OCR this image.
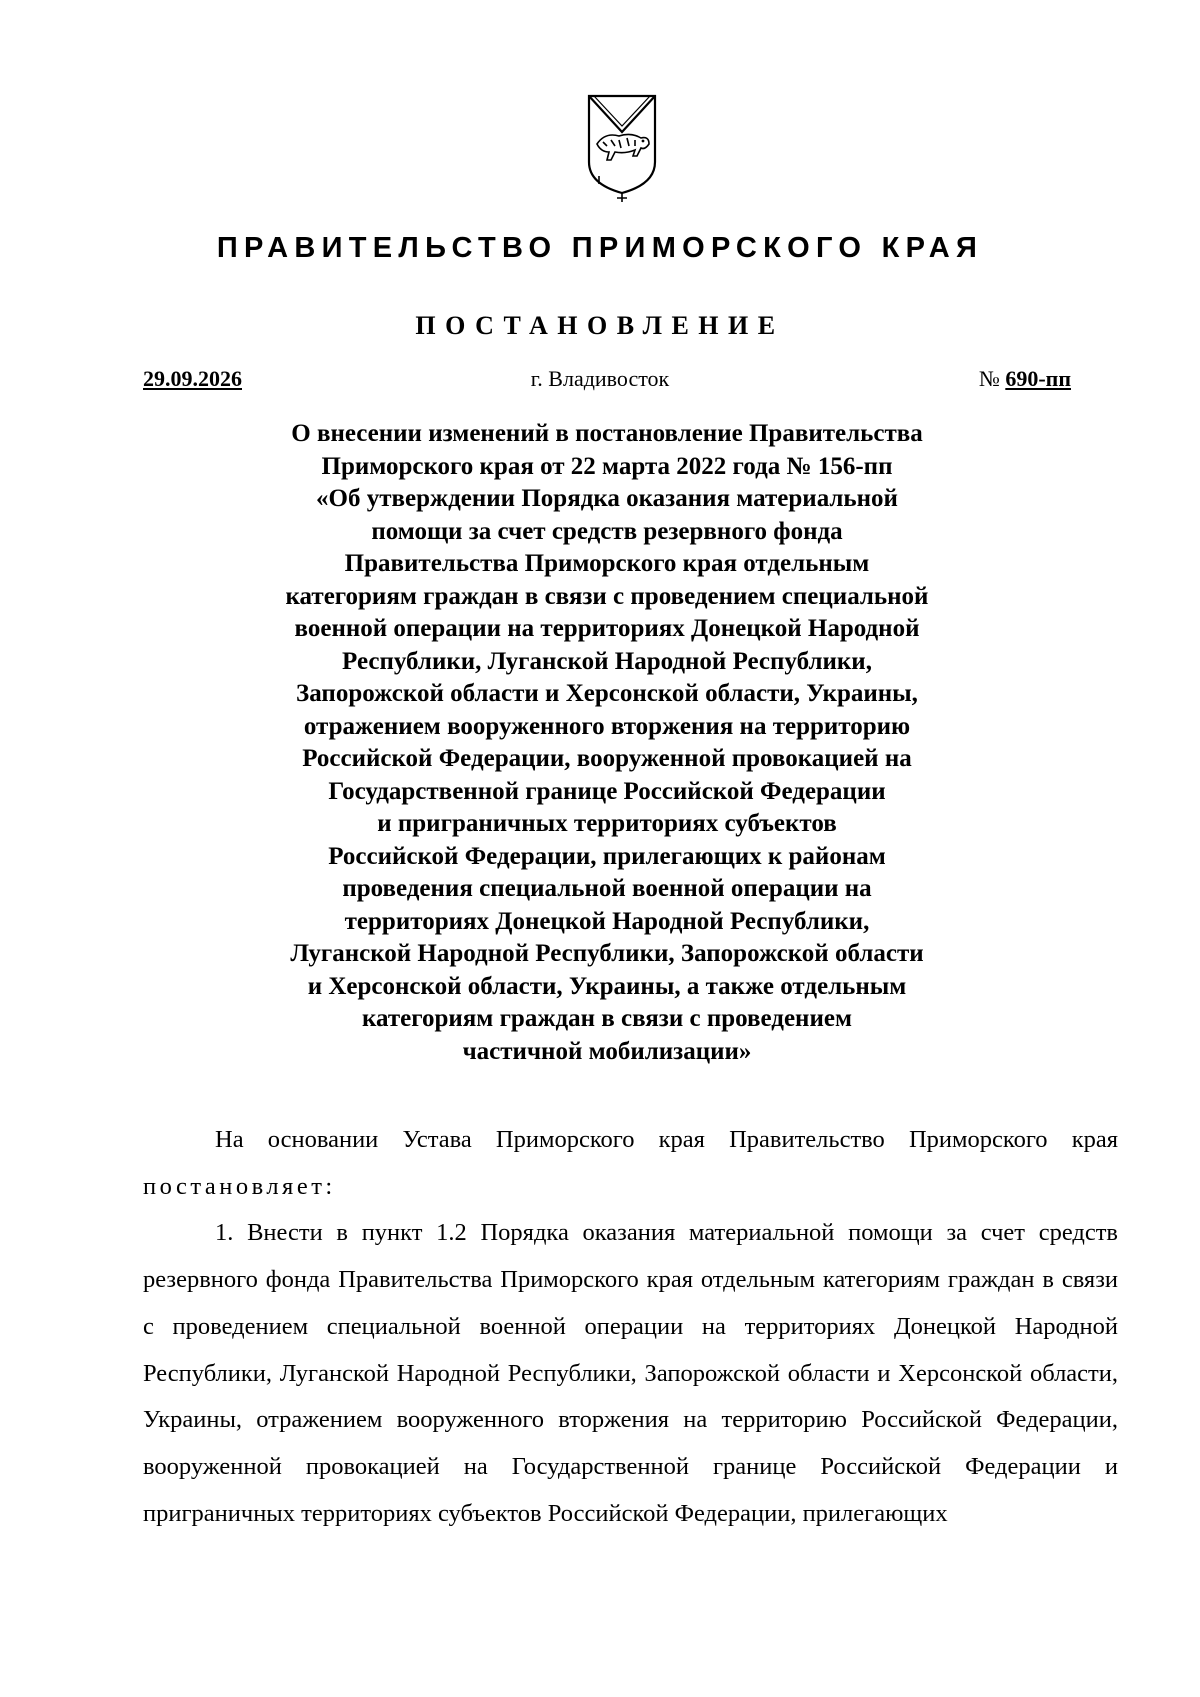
ПРАВИТЕЛЬСТВО ПРИМОРСКОГО КРАЯ
ПОСТАНОВЛЕНИЕ
г. Владивосток
29.09.2026	№ 690-пп
О внесении изменений в постановление Правительства
Приморского края от 22 марта 2022 года № 156-пп
«Об утверждении Порядка оказания материальной
помощи за счет средств резервного фонда
Правительства Приморского края отдельным
категориям граждан в связи с проведением специальной
военной операции на территориях Донецкой Народной
Республики, Луганской Народной Республики,
Запорожской области и Херсонской области, Украины,
отражением вооруженного вторжения на территорию
Российской Федерации, вооруженной провокацией на
Государственной границе Российской Федерации
и приграничных территориях субъектов
Российской Федерации, прилегающих к районам
проведения специальной военной операции на
территориях Донецкой Народной Республики,
Луганской Народной Республики, Запорожской области
и Херсонской области, Украины, а также отдельным
категориям граждан в связи с проведением
частичной мобилизации»

На основании Устава Приморского края Правительство Приморского края постановляет:

1. Внести в пункт 1.2 Порядка оказания материальной помощи за счет средств резервного фонда Правительства Приморского края отдельным категориям граждан в связи с проведением специальной военной операции на территориях Донецкой Народной Республики, Луганской Народной Республики, Запорожской области и Херсонской области, Украины, отражением вооруженного вторжения на территорию Российской Федерации, вооруженной провокацией на Государственной границе Российской Федерации и приграничных территориях субъектов Российской Федерации, прилегающих
